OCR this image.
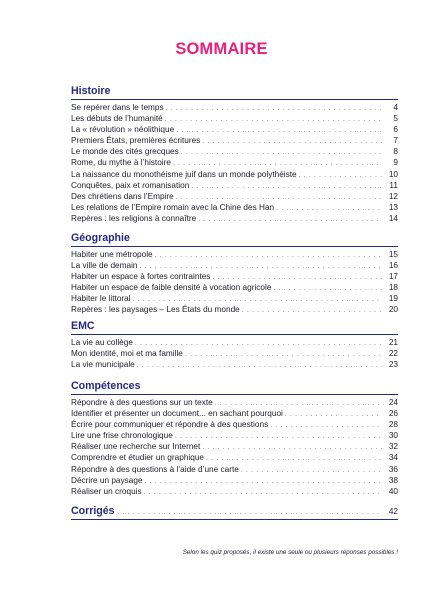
SOMMAIRE
Histoire
Se repérer dans le temps . . .	4
Les débuts de l’humanité . . .	5
La « révolution » néolithique . . .	6
Premiers États, premières écritures . . .	7
Le monde des cités grecques . . .	8
Rome, du mythe à l’histoire . . .	9
La naissance du monothéisme juif dans un monde polythéiste . . .	10
Conquêtes, paix et romanisation . . .	11
Des chrétiens dans l’Empire . . .	12
Les relations de l’Empire romain avec la Chine des Han . . .	13
Repères : les religions à connaître . . .	14
Géographie
Habiter une métropole . . .	15
La ville de demain . . .	16
Habiter un espace à fortes contraintes . . .	17
Habiter un espace de faible densité à vocation agricole . . .	18
Habiter le littoral . . .	19
Repères : les paysages – Les États du monde . . .	20
EMC
La vie au collège . . .	21
Mon identité, moi et ma famille . . .	22
La vie municipale . . .	23
Compétences
Répondre à des questions sur un texte . . .	24
Identifier et présenter un document... en sachant pourquoi . . .	26
Écrire pour communiquer et répondre à des questions . . .	28
Lire une frise chronologique . . .	30
Réaliser une recherche sur Internet . . .	32
Comprendre et étudier un graphique . . .	34
Répondre à des questions à l’aide d’une carte . . .	36
Décrire un paysage . . .	38
Réaliser un croquis . . .	40
Corrigés . . .	42
Selon les quiz proposés, il existe une seule ou plusieurs réponses possibles !
